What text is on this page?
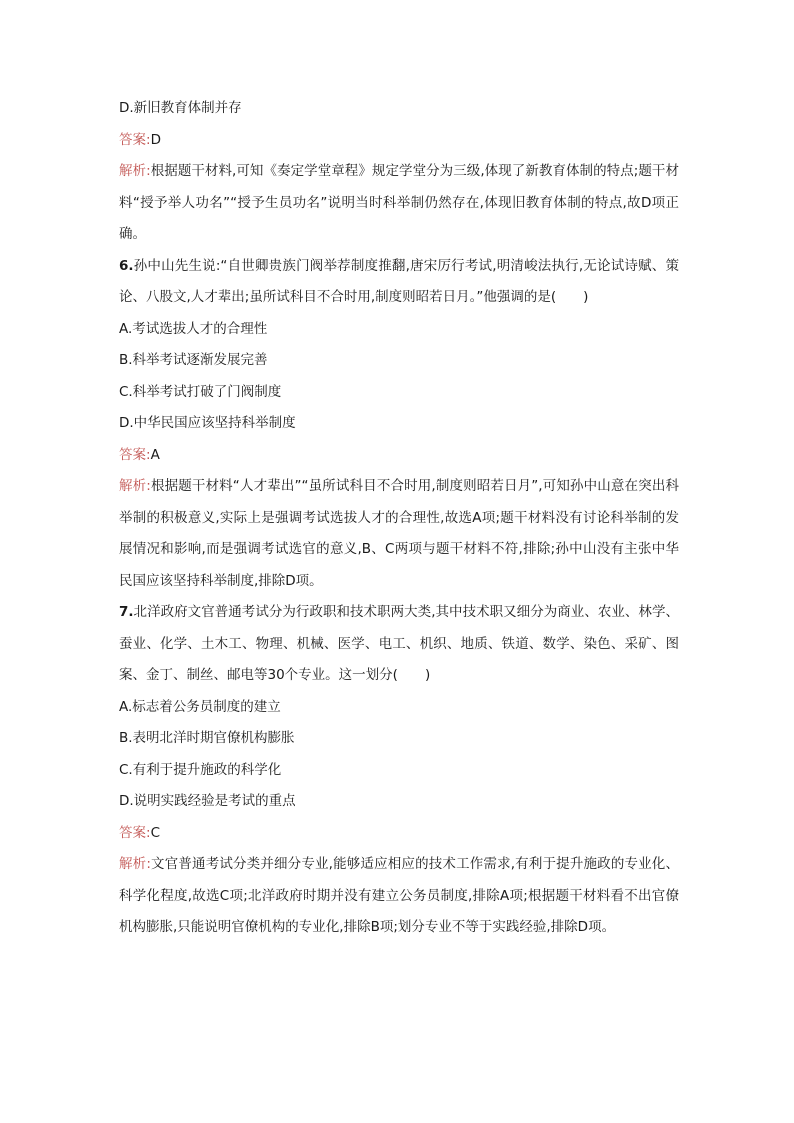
D.新旧教育体制并存
答案:D
解析:根据题干材料,可知《奏定学堂章程》规定学堂分为三级,体现了新教育体制的特点;题干材料“授予举人功名”“授予生员功名”说明当时科举制仍然存在,体现旧教育体制的特点,故D项正确。
6.孙中山先生说:“自世卿贵族门阀举荐制度推翻,唐宋厉行考试,明清峻法执行,无论试诗赋、策论、八股文,人才辈出;虽所试科目不合时用,制度则昭若日月。”他强调的是(　　)
A.考试选拔人才的合理性
B.科举考试逐渐发展完善
C.科举考试打破了门阀制度
D.中华民国应该坚持科举制度
答案:A
解析:根据题干材料“人才辈出”“虽所试科目不合时用,制度则昭若日月”,可知孙中山意在突出科举制的积极意义,实际上是强调考试选拔人才的合理性,故选A项;题干材料没有讨论科举制的发展情况和影响,而是强调考试选官的意义,B、C两项与题干材料不符,排除;孙中山没有主张中华民国应该坚持科举制度,排除D项。
7.北洋政府文官普通考试分为行政职和技术职两大类,其中技术职又细分为商业、农业、林学、蚕业、化学、土木工、物理、机械、医学、电工、机织、地质、铁道、数学、染色、采矿、图案、金丁、制丝、邮电等30个专业。这一划分(　　)
A.标志着公务员制度的建立
B.表明北洋时期官僚机构膨胀
C.有利于提升施政的科学化
D.说明实践经验是考试的重点
答案:C
解析:文官普通考试分类并细分专业,能够适应相应的技术工作需求,有利于提升施政的专业化、科学化程度,故选C项;北洋政府时期并没有建立公务员制度,排除A项;根据题干材料看不出官僚机构膨胀,只能说明官僚机构的专业化,排除B项;划分专业不等于实践经验,排除D项。
